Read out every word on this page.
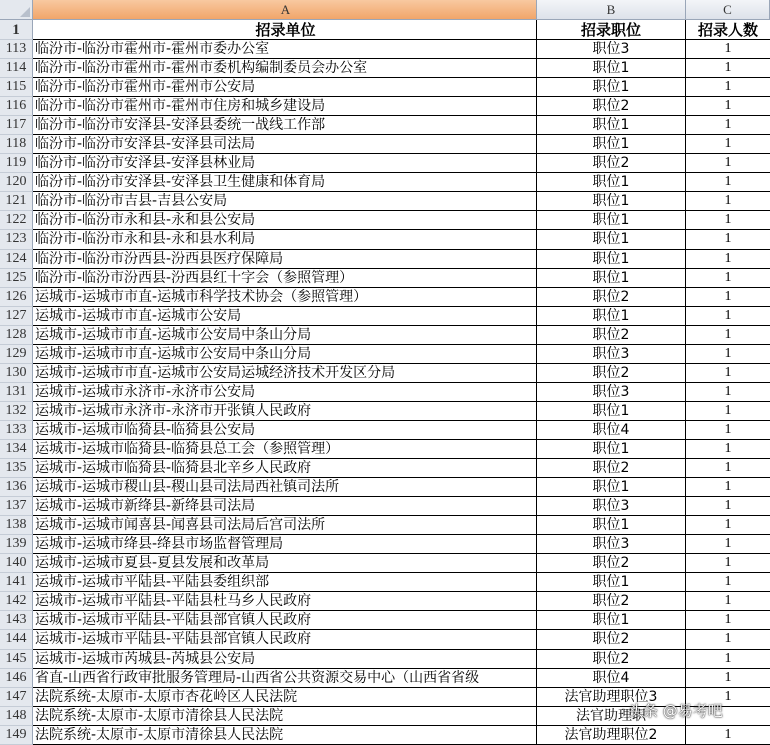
A	B	C
1	招录单位	招录职位	招录人数
113 临汾市-临汾市霍州市-霍州市委办公室	职位3	1
114 临汾市-临汾市霍州市-霍州市委机构编制委员会办公室	职位1	1
115 临汾市-临汾市霍州市-霍州市公安局	职位1	1
116 临汾市-临汾市霍州市-霍州市住房和城乡建设局	职位2	1
117 临汾市-临汾市安泽县-安泽县委统一战线工作部	职位1	1
118 临汾市-临汾市安泽县-安泽县司法局	职位1	1
119 临汾市-临汾市安泽县-安泽县林业局	职位2	1
120 临汾市-临汾市安泽县-安泽县卫生健康和体育局	职位1	1
121 临汾市-临汾市吉县-吉县公安局	职位1	1
122 临汾市-临汾市永和县-永和县公安局	职位1	1
123 临汾市-临汾市永和县-永和县水利局	职位1	1
124 临汾市-临汾市汾西县-汾西县医疗保障局	职位1	1
125 临汾市-临汾市汾西县-汾西县红十字会（参照管理）	职位1	1
126 运城市-运城市市直-运城市科学技术协会（参照管理）	职位2	1
127 运城市-运城市市直-运城市公安局	职位1	1
128 运城市-运城市市直-运城市公安局中条山分局	职位2	1
129 运城市-运城市市直-运城市公安局中条山分局	职位3	1
130 运城市-运城市市直-运城市公安局运城经济技术开发区分局	职位2	1
131 运城市-运城市永济市-永济市公安局	职位3	1
132 运城市-运城市永济市-永济市开张镇人民政府	职位1	1
133 运城市-运城市临猗县-临猗县公安局	职位4	1
134 运城市-运城市临猗县-临猗县总工会（参照管理）	职位1	1
135 运城市-运城市临猗县-临猗县北辛乡人民政府	职位2	1
136 运城市-运城市稷山县-稷山县司法局西社镇司法所	职位1	1
137 运城市-运城市新绛县-新绛县司法局	职位3	1
138 运城市-运城市闻喜县-闻喜县司法局后宫司法所	职位1	1
139 运城市-运城市绛县-绛县市场监督管理局	职位3	1
140 运城市-运城市夏县-夏县发展和改革局	职位2	1
141 运城市-运城市平陆县-平陆县委组织部	职位1	1
142 运城市-运城市平陆县-平陆县杜马乡人民政府	职位2	1
143 运城市-运城市平陆县-平陆县部官镇人民政府	职位1	1
144 运城市-运城市平陆县-平陆县部官镇人民政府	职位2	1
145 运城市-运城市芮城县-芮城县公安局	职位2	1
146 省直-山西省行政审批服务管理局-山西省公共资源交易中心（山西省省级	职位4	1
147 法院系统-太原市-太原市杏花岭区人民法院	法官助理职位3	1
148 法院系统-太原市-太原市清徐县人民法院	法官助理职
149 法院系统-太原市-太原市清徐县人民法院	法官助理职位2	1
头条 @易考吧
